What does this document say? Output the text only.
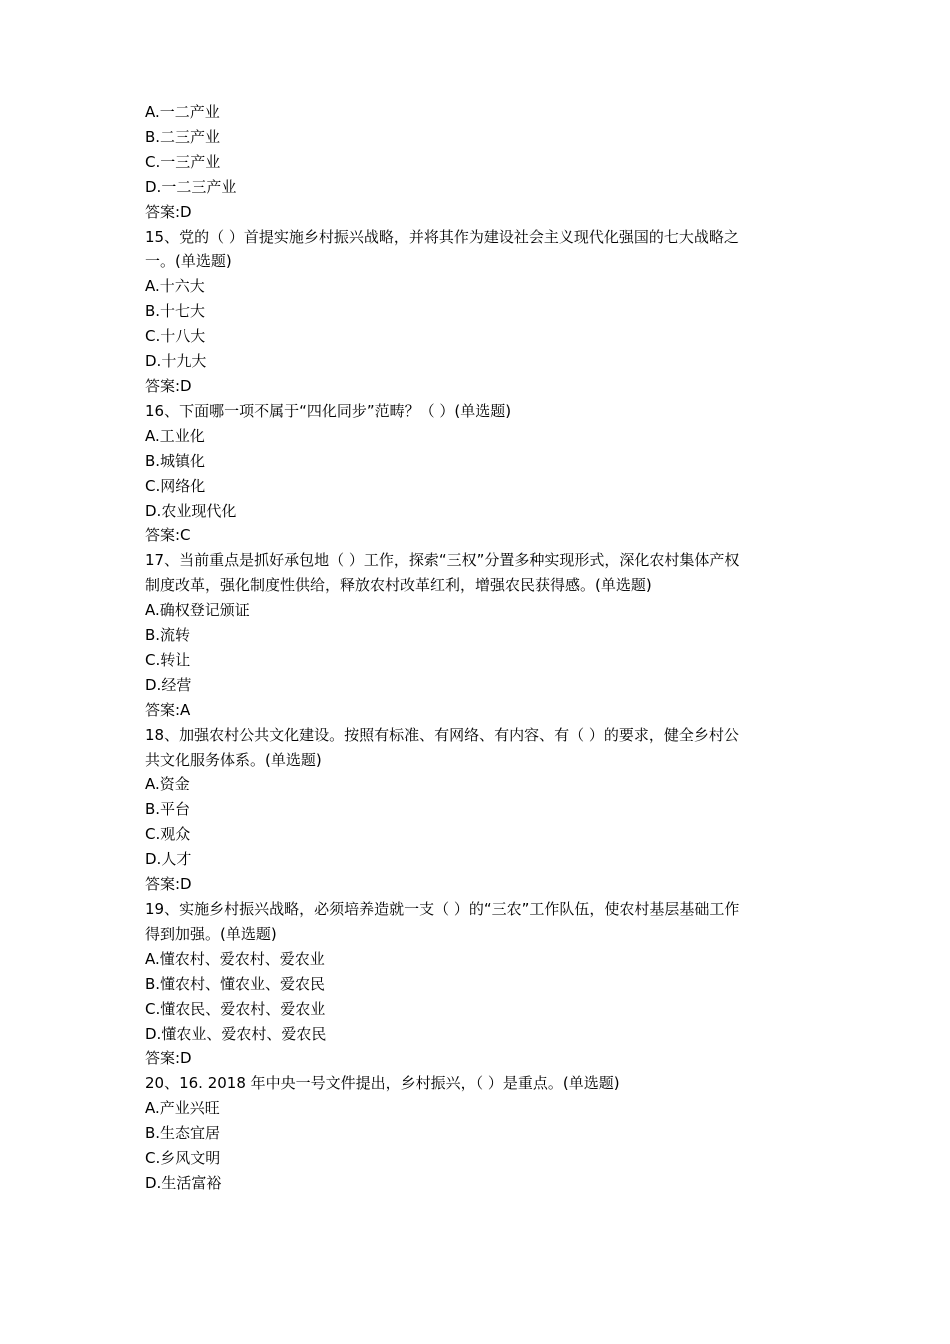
A.一二产业
B.二三产业
C.一三产业
D.一二三产业
答案:D
15、党的（ ）首提实施乡村振兴战略，并将其作为建设社会主义现代化强国的七大战略之
一。(单选题)
A.十六大
B.十七大
C.十八大
D.十九大
答案:D
16、下面哪一项不属于“四化同步”范畴？（ ）(单选题)
A.工业化
B.城镇化
C.网络化
D.农业现代化
答案:C
17、当前重点是抓好承包地（ ）工作，探索“三权”分置多种实现形式，深化农村集体产权
制度改革，强化制度性供给，释放农村改革红利，增强农民获得感。(单选题)
A.确权登记颁证
B.流转
C.转让
D.经营
答案:A
18、加强农村公共文化建设。按照有标准、有网络、有内容、有（ ）的要求，健全乡村公
共文化服务体系。(单选题)
A.资金
B.平台
C.观众
D.人才
答案:D
19、实施乡村振兴战略，必须培养造就一支（ ）的“三农”工作队伍，使农村基层基础工作
得到加强。(单选题)
A.懂农村、爱农村、爱农业
B.懂农村、懂农业、爱农民
C.懂农民、爱农村、爱农业
D.懂农业、爱农村、爱农民
答案:D
20、16. 2018 年中央一号文件提出，乡村振兴，（ ）是重点。(单选题)
A.产业兴旺
B.生态宜居
C.乡风文明
D.生活富裕
